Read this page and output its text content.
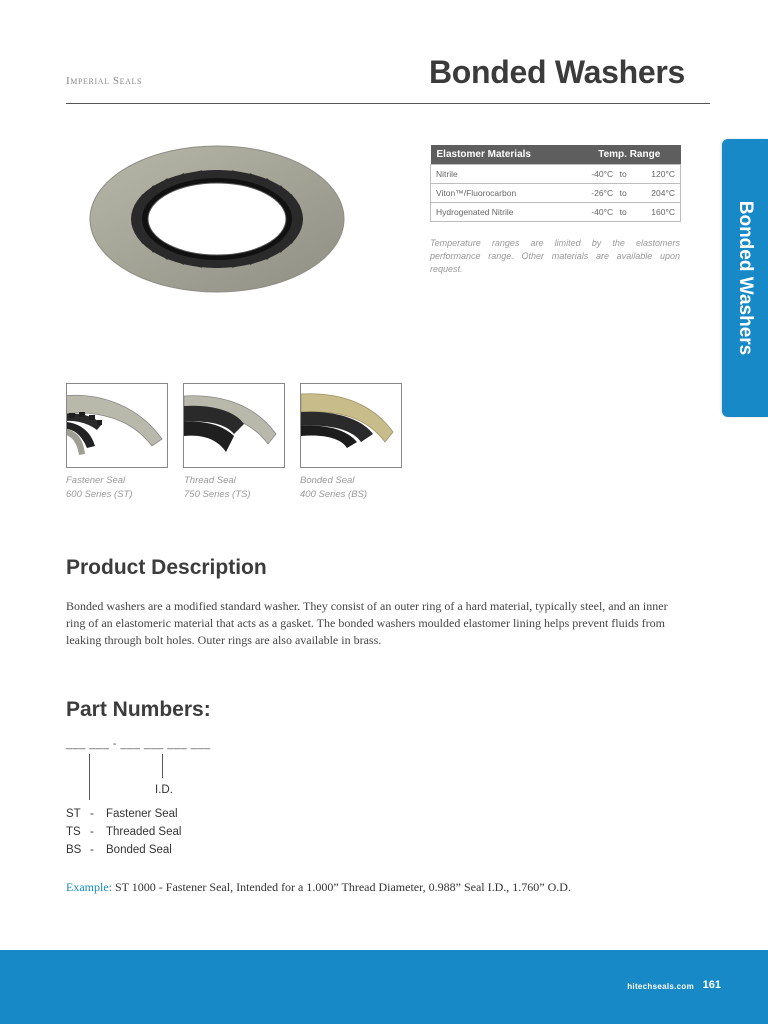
Imperial Seals	Bonded Washers
Bonded Washers
Elastomer Materials	Temp. Range		
Nitrile	-40°C	to	120°C
Viton™/Fluorocarbon	-26°C	to	204°C
Hydrogenated Nitrile	-40°C	to	160°C
Temperature ranges are limited by the elastomers performance range. Other materials are available upon request.
Fastener Seal
600 Series (ST)
Thread Seal
750 Series (TS)
Bonded Seal
400 Series (BS)
Product Description
Bonded washers are a modified standard washer. They consist of an outer ring of a hard material, typically steel, and an inner ring of an elastomeric material that acts as a gasket. The bonded washers moulded elastomer lining helps prevent fluids from leaking through bolt holes. Outer rings are also available in brass.
Part Numbers:
___ ___ - ___ ___ ___ ___
I.D.
ST - Fastener Seal
TS - Threaded Seal
BS - Bonded Seal
Example: ST 1000 - Fastener Seal, Intended for a 1.000” Thread Diameter, 0.988” Seal I.D., 1.760” O.D.
hitechseals.com 161
